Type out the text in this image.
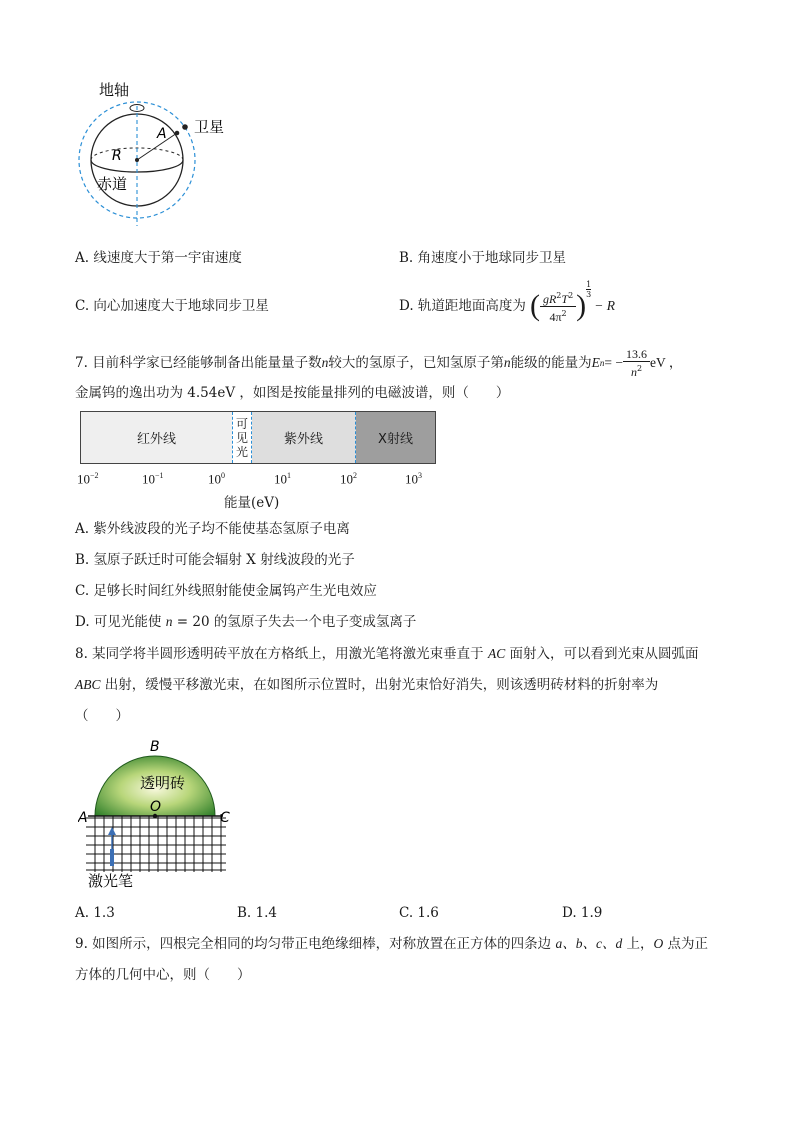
地轴
卫星
A
R
赤道
A. 线速度大于第一宇宙速度	B. 角速度小于地球同步卫星
C. 向心加速度大于地球同步卫星	D. 轨道距地面高度为 ( $\frac{gR^2T^2}{4\pi^2}$ )
1
3
− R
7. 目前科学家已经能够制备出能量量子数 n 较大的氢原子，已知氢原子第 n 能级的能量为 E n = − $\frac{13.6}{n^2}$ eV ，
金属钨的逸出功为 4.54eV ，如图是按能量排列的电磁波谱，则（　　）
红外线
可
见
光
紫外线	X射线
$10^{-2}$	$10^{-1}$	$10^0$	$10^1$	$10^2$	$10^3$
能量(eV)
A. 紫外线波段的光子均不能使基态氢原子电离
B. 氢原子跃迁时可能会辐射 X 射线波段的光子
C. 足够长时间红外线照射能使金属钨产生光电效应
D. 可见光能使 n = 20 的氢原子失去一个电子变成氢离子
8. 某同学将半圆形透明砖平放在方格纸上，用激光笔将激光束垂直于 AC 面射入，可以看到光束从圆弧面
ABC 出射，缓慢平移激光束，在如图所示位置时，出射光束恰好消失，则该透明砖材料的折射率为
（　　）
B
透明砖
O
A	C
激光笔
A. 1.3	B. 1.4	C. 1.6	D. 1.9
9. 如图所示，四根完全相同的均匀带正电绝缘细棒，对称放置在正方体的四条边 a、b、c、d 上，O 点为正
方体的几何中心，则（　　）
